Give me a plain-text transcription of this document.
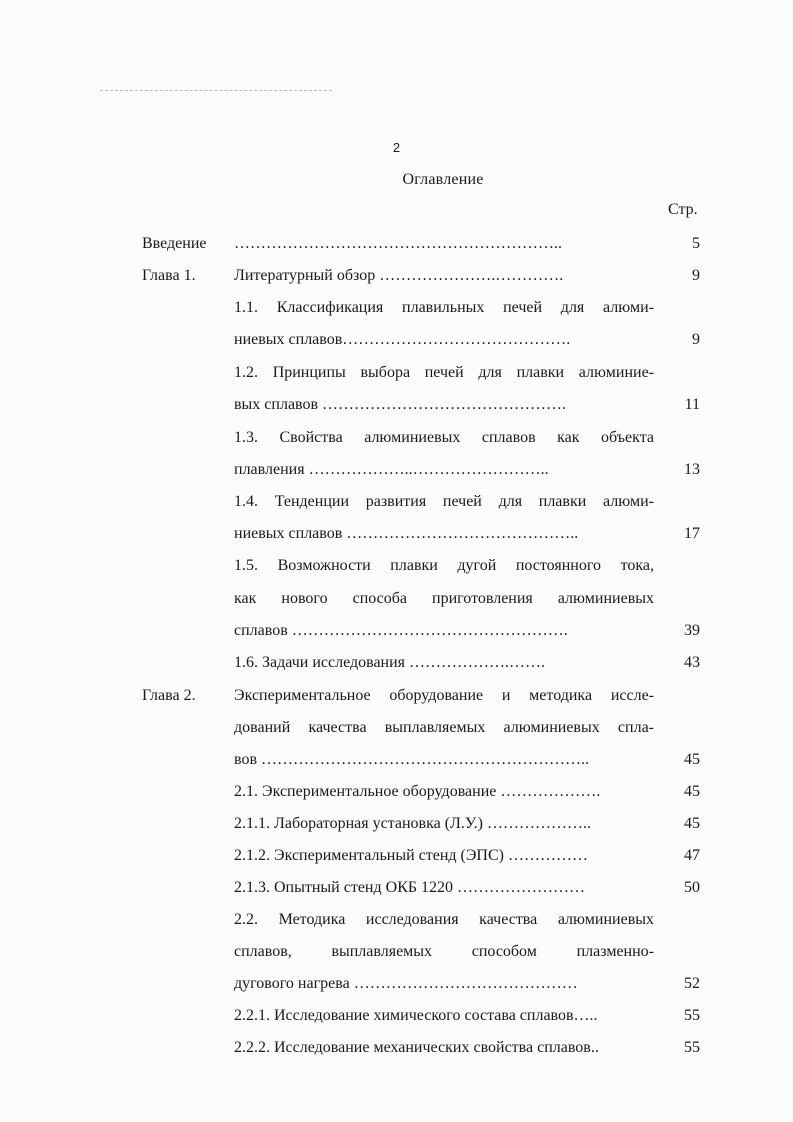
2
Оглавление
Стр.
Введение ……………………………………………………..	5
Глава 1. Литературный обзор ………………….………….	9
1.1. Классификация плавильных печей для алюми-
ниевых сплавов…………………………………….	9
1.2. Принципы выбора печей для плавки алюминие-
вых сплавов ……………………………………….	11
1.3. Свойства алюминиевых сплавов как объекта
плавления ………………..……………………..	13
1.4. Тенденции развития печей для плавки алюми-
ниевых сплавов ……………………………………..	17
1.5. Возможности плавки дугой постоянного тока,
как нового способа приготовления алюминиевых
сплавов …………………………………………….	39
1.6. Задачи исследования ……………….…….	43
Глава 2. Экспериментальное оборудование и методика иссле-
дований качества выплавляемых алюминиевых спла-
вов ……………………………………………………..	45
2.1. Экспериментальное оборудование ……………….	45
2.1.1. Лабораторная установка (Л.У.) ………………..	45
2.1.2. Экспериментальный стенд (ЭПС) ……………	47
2.1.3. Опытный стенд ОКБ 1220 ……………………	50
2.2. Методика исследования качества алюминиевых
сплавов, выплавляемых способом плазменно-
дугового нагрева ……………………………………	52
2.2.1. Исследование химического состава сплавов…..	55
2.2.2. Исследование механических свойства сплавов..	55
